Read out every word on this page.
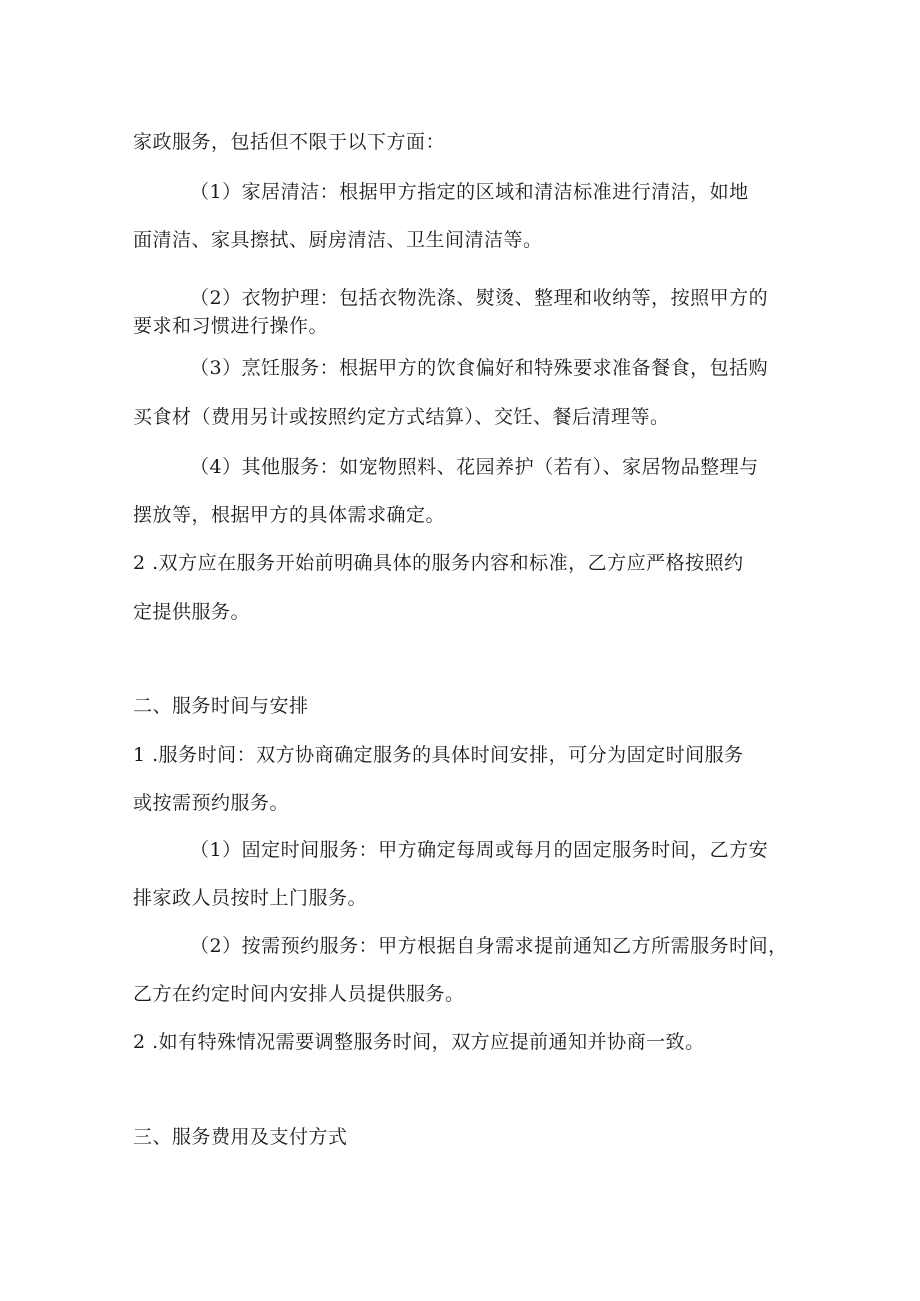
家政服务，包括但不限于以下方面：
（1）家居清洁：根据甲方指定的区域和清洁标准进行清洁，如地
面清洁、家具擦拭、厨房清洁、卫生间清洁等。
（2）衣物护理：包括衣物洗涤、熨烫、整理和收纳等，按照甲方的
要求和习惯进行操作。
（3）烹饪服务：根据甲方的饮食偏好和特殊要求准备餐食，包括购
买食材（费用另计或按照约定方式结算）、交饪、餐后清理等。
（4）其他服务：如宠物照料、花园养护（若有）、家居物品整理与
摆放等，根据甲方的具体需求确定。
2 .双方应在服务开始前明确具体的服务内容和标准，乙方应严格按照约
定提供服务。
二、服务时间与安排
1 .服务时间：双方协商确定服务的具体时间安排，可分为固定时间服务
或按需预约服务。
（1）固定时间服务：甲方确定每周或每月的固定服务时间，乙方安
排家政人员按时上门服务。
（2）按需预约服务：甲方根据自身需求提前通知乙方所需服务时间，
乙方在约定时间内安排人员提供服务。
2 .如有特殊情况需要调整服务时间，双方应提前通知并协商一致。
三、服务费用及支付方式
